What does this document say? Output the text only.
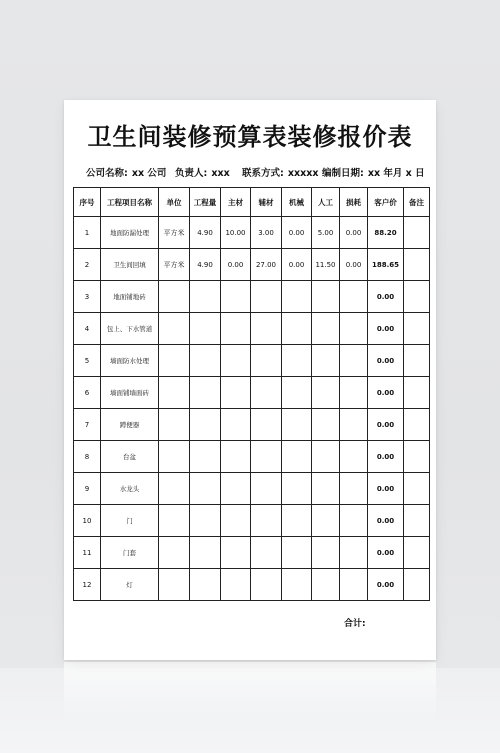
卫生间装修预算表装修报价表
公司名称: xx 公司 负责人: xxx 联系方式: xxxxx 编制日期: xx 年月 x 日
序号	工程项目名称	单位	工程量	主材	辅材	机械	人工	损耗	客户价	备注
1	地面防漏处理	平方米	4.90	10.00	3.00	0.00	5.00	0.00	88.20	
2	卫生间回填	平方米	4.90	0.00	27.00	0.00	11.50	0.00	188.65	
3	地面铺地砖								0.00	
4	包上、下水管道								0.00	
5	墙面防水处理								0.00	
6	墙面铺墙面砖								0.00	
7	蹲便器								0.00	
8	台盆								0.00	
9	水龙头								0.00	
10	门								0.00	
11	门套								0.00	
12	灯								0.00	
合计:
